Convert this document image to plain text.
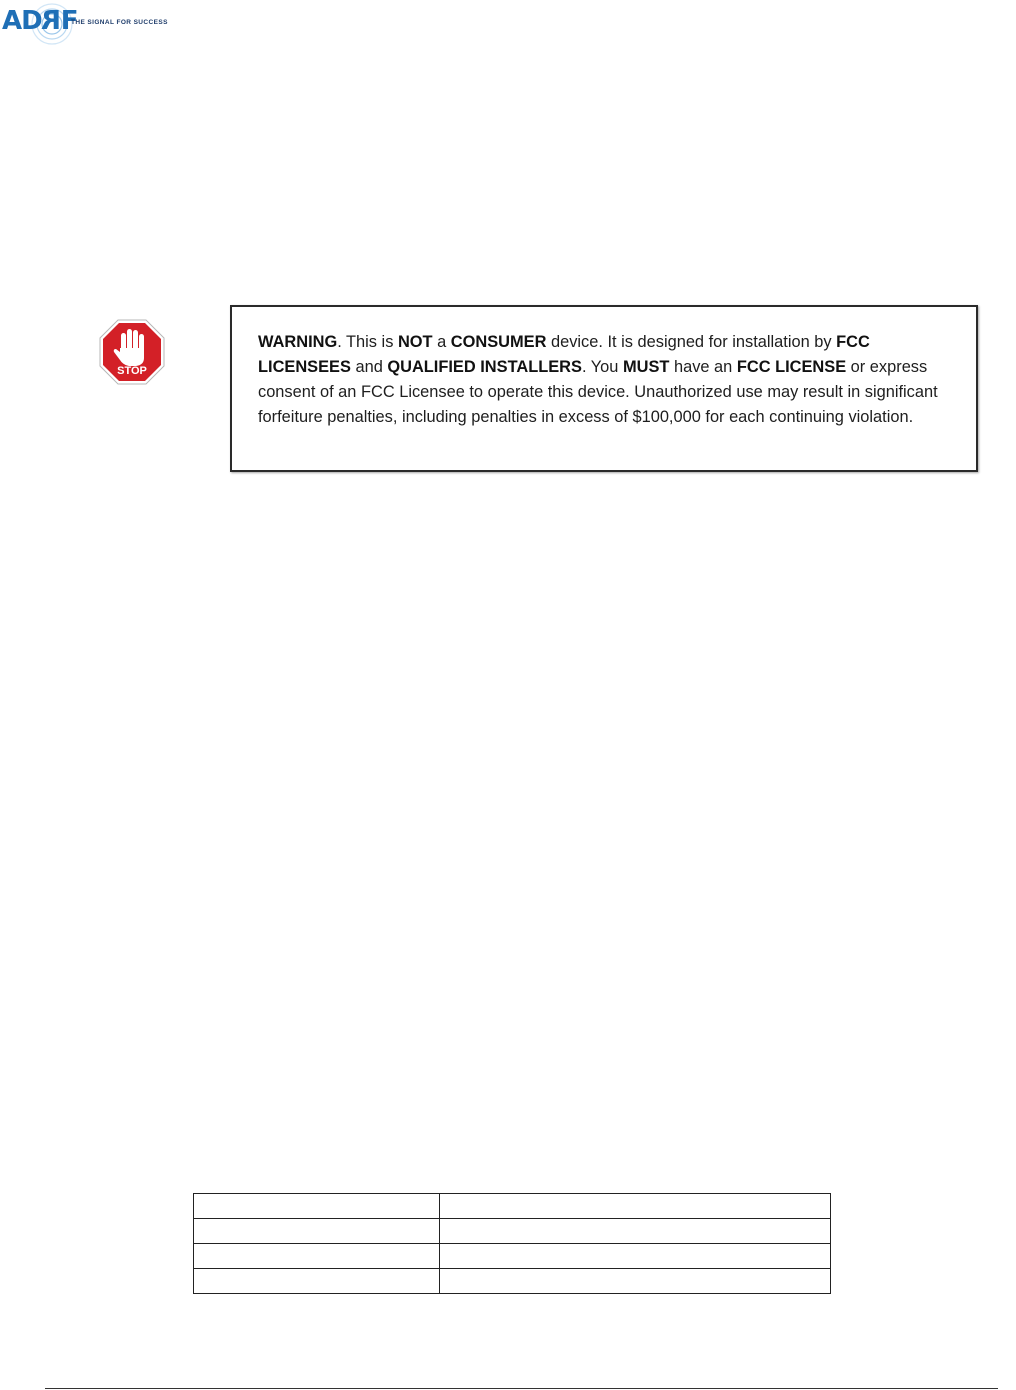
ADRF
THE SIGNAL FOR SUCCESS
STOP
WARNING. This is NOT a CONSUMER device. It is designed for installation by FCC LICENSEES and QUALIFIED INSTALLERS. You MUST have an FCC LICENSE or express consent of an FCC Licensee to operate this device. Unauthorized use may result in significant forfeiture penalties, including penalties in excess of $100,000 for each continuing violation.
